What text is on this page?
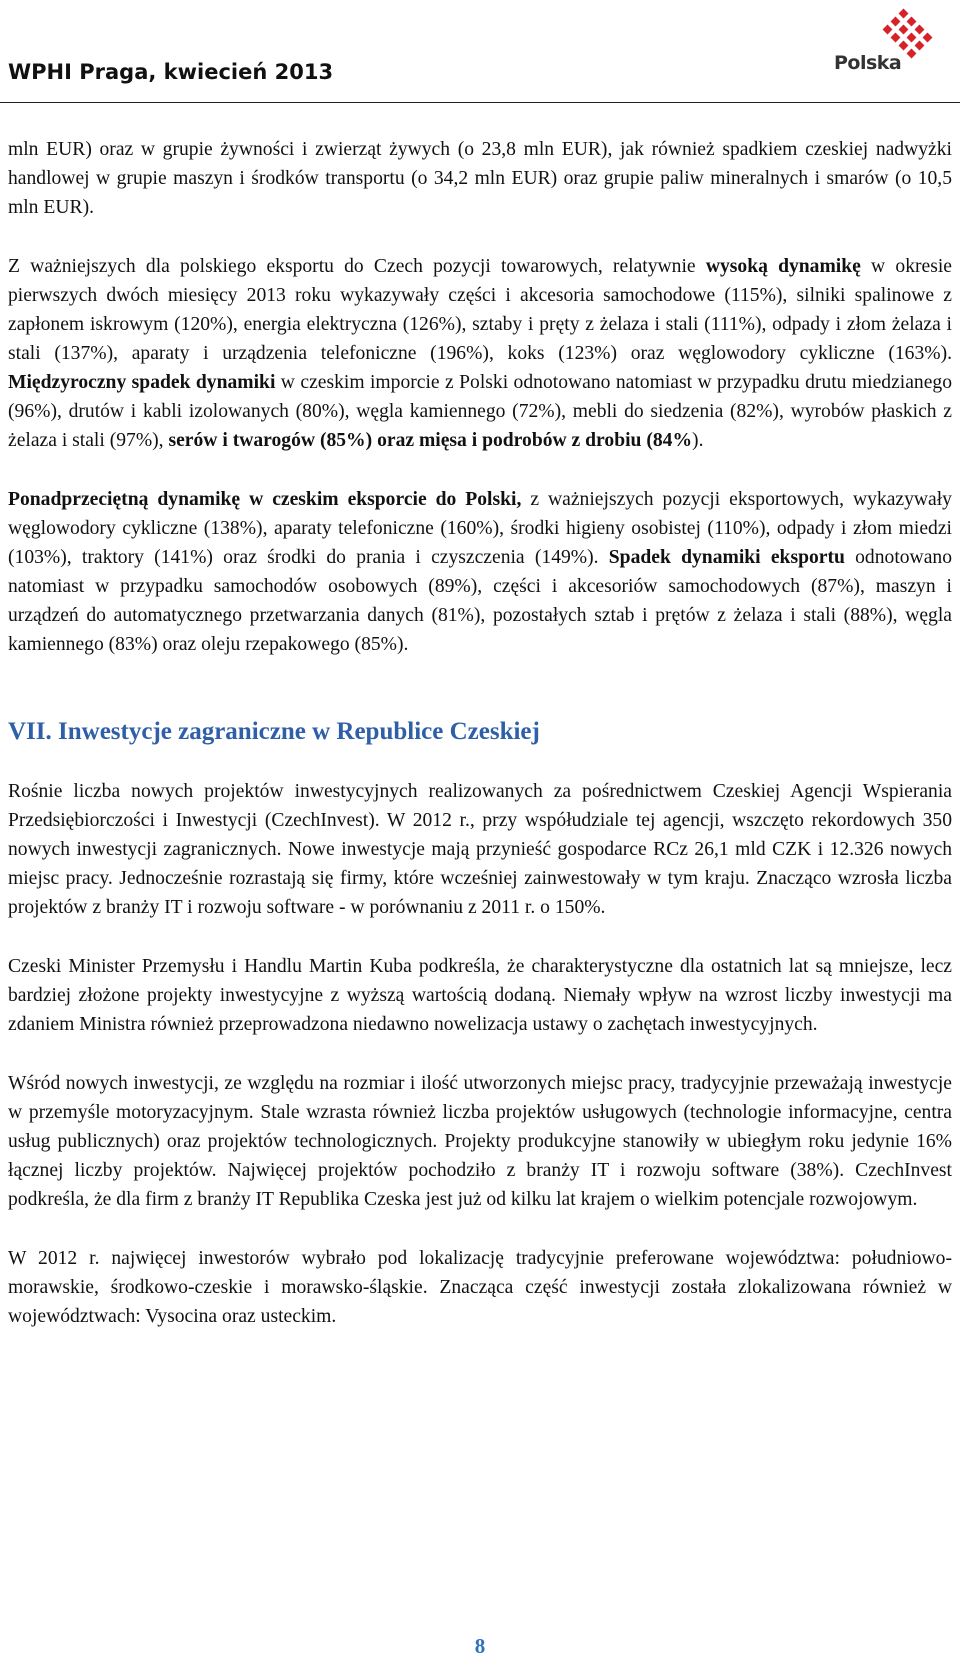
WPHI Praga, kwiecień 2013	Polska

mln EUR) oraz w grupie żywności i zwierząt żywych (o 23,8 mln EUR), jak również spadkiem czeskiej nadwyżki handlowej w grupie maszyn i środków transportu (o 34,2 mln EUR) oraz grupie paliw mineralnych i smarów (o 10,5 mln EUR).

Z ważniejszych dla polskiego eksportu do Czech pozycji towarowych, relatywnie wysoką dynamikę w okresie pierwszych dwóch miesięcy 2013 roku wykazywały części i akcesoria samochodowe (115%), silniki spalinowe z zapłonem iskrowym (120%), energia elektryczna (126%), sztaby i pręty z żelaza i stali (111%), odpady i złom żelaza i stali (137%), aparaty i urządzenia telefoniczne (196%), koks (123%) oraz węglowodory cykliczne (163%). Międzyroczny spadek dynamiki w czeskim imporcie z Polski odnotowano natomiast w przypadku drutu miedzianego (96%), drutów i kabli izolowanych (80%), węgla kamiennego (72%), mebli do siedzenia (82%), wyrobów płaskich z żelaza i stali (97%), serów i twarogów (85%) oraz mięsa i podrobów z drobiu (84%).

Ponadprzeciętną dynamikę w czeskim eksporcie do Polski, z ważniejszych pozycji eksportowych, wykazywały węglowodory cykliczne (138%), aparaty telefoniczne (160%), środki higieny osobistej (110%), odpady i złom miedzi (103%), traktory (141%) oraz środki do prania i czyszczenia (149%). Spadek dynamiki eksportu odnotowano natomiast w przypadku samochodów osobowych (89%), części i akcesoriów samochodowych (87%), maszyn i urządzeń do automatycznego przetwarzania danych (81%), pozostałych sztab i prętów z żelaza i stali (88%), węgla kamiennego (83%) oraz oleju rzepakowego (85%).

VII. Inwestycje zagraniczne w Republice Czeskiej

Rośnie liczba nowych projektów inwestycyjnych realizowanych za pośrednictwem Czeskiej Agencji Wspierania Przedsiębiorczości i Inwestycji (CzechInvest). W 2012 r., przy współudziale tej agencji, wszczęto rekordowych 350 nowych inwestycji zagranicznych. Nowe inwestycje mają przynieść gospodarce RCz 26,1 mld CZK i 12.326 nowych miejsc pracy. Jednocześnie rozrastają się firmy, które wcześniej zainwestowały w tym kraju. Znacząco wzrosła liczba projektów z branży IT i rozwoju software - w porównaniu z 2011 r. o 150%.

Czeski Minister Przemysłu i Handlu Martin Kuba podkreśla, że charakterystyczne dla ostatnich lat są mniejsze, lecz bardziej złożone projekty inwestycyjne z wyższą wartością dodaną. Niemały wpływ na wzrost liczby inwestycji ma zdaniem Ministra również przeprowadzona niedawno nowelizacja ustawy o zachętach inwestycyjnych.

Wśród nowych inwestycji, ze względu na rozmiar i ilość utworzonych miejsc pracy, tradycyjnie przeważają inwestycje w przemyśle motoryzacyjnym. Stale wzrasta również liczba projektów usługowych (technologie informacyjne, centra usług publicznych) oraz projektów technologicznych. Projekty produkcyjne stanowiły w ubiegłym roku jedynie 16% łącznej liczby projektów. Najwięcej projektów pochodziło z branży IT i rozwoju software (38%). CzechInvest podkreśla, że dla firm z branży IT Republika Czeska jest już od kilku lat krajem o wielkim potencjale rozwojowym.

W 2012 r. najwięcej inwestorów wybrało pod lokalizację tradycyjnie preferowane województwa: południowo-morawskie, środkowo-czeskie i morawsko-śląskie. Znacząca część inwestycji została zlokalizowana również w województwach: Vysocina oraz usteckim.

8
